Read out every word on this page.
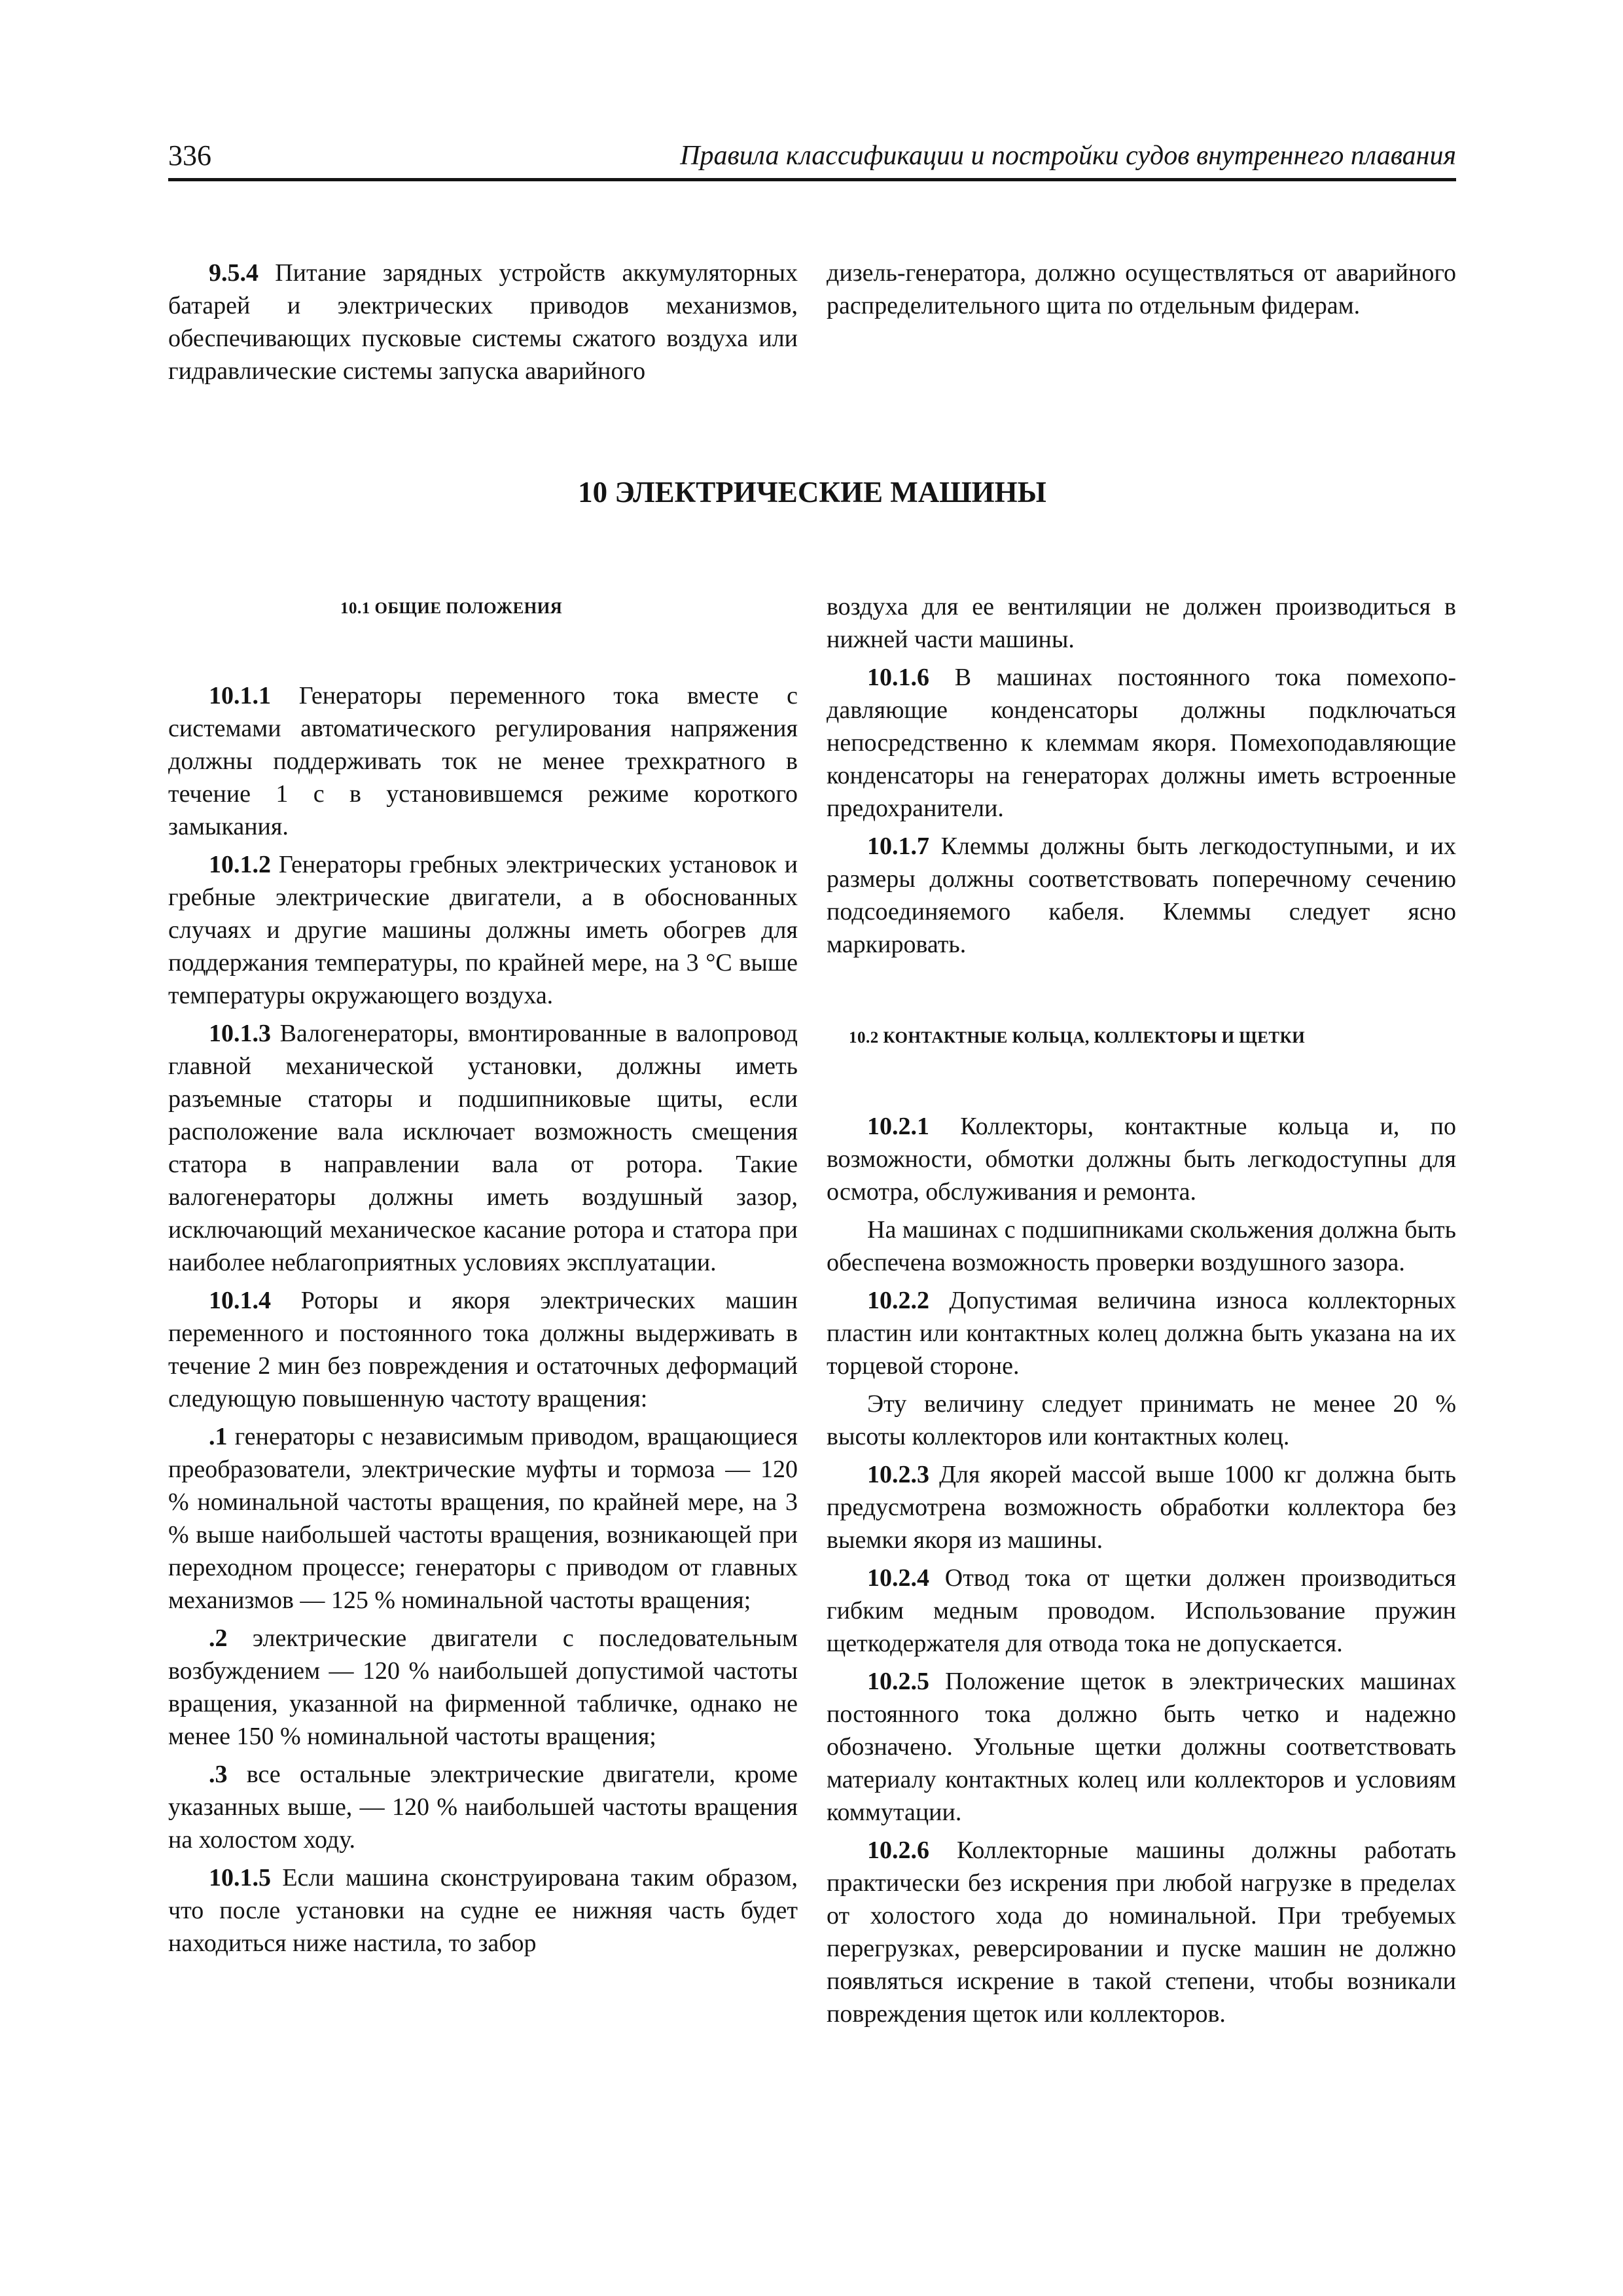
336	Правила классификации и постройки судов внутреннего плавания

9.5.4 Питание зарядных устройств аккумуляторных батарей и электрических приводов механизмов, обеспечивающих пусковые системы сжатого воздуха или гидравлические системы запуска аварийного

дизель-генератора, должно осуществляться от аварийного распределительного щита по отдельным фидерам.

10 ЭЛЕКТРИЧЕСКИЕ МАШИНЫ
10.1 ОБЩИЕ ПОЛОЖЕНИЯ

10.1.1 Генераторы переменного тока вместе с системами автоматического регулирования напряжения должны поддерживать ток не менее трехкратного в течение 1 с в установившемся режиме короткого замыкания.

10.1.2 Генераторы гребных электрических установок и гребные электрические двигатели, а в обоснованных случаях и другие машины должны иметь обогрев для поддержания температуры, по крайней мере, на 3 °С выше температуры окружающего воздуха.

10.1.3 Валогенераторы, вмонтированные в валопровод главной механической установки, должны иметь разъемные статоры и подшипниковые щиты, если расположение вала исключает возможность смещения статора в направлении вала от ротора. Такие валогенераторы должны иметь воздушный зазор, исключающий механическое касание ротора и статора при наиболее неблагоприятных условиях эксплуатации.

10.1.4 Роторы и якоря электрических машин переменного и постоянного тока должны выдерживать в течение 2 мин без повреждения и остаточных деформаций следующую повышенную частоту вращения:

.1 генераторы с независимым приводом, вращающиеся преобразователи, электрические муфты и тормоза — 120 % номинальной частоты вращения, по крайней мере, на 3 % выше наибольшей частоты вращения, возникающей при переходном процессе; генераторы с приводом от главных механизмов — 125 % номинальной частоты вращения;

.2 электрические двигатели с последовательным возбуждением — 120 % наибольшей допустимой частоты вращения, указанной на фирменной табличке, однако не менее 150 % номинальной частоты вращения;

.3 все остальные электрические двигатели, кроме указанных выше, — 120 % наибольшей частоты вращения на холостом ходу.

10.1.5 Если машина сконструирована таким образом, что после установки на судне ее нижняя часть будет находиться ниже настила, то забор

воздуха для ее вентиляции не должен производиться в нижней части машины.

10.1.6 В машинах постоянного тока помехоподавляющие конденсаторы должны подключаться непосредственно к клеммам якоря. Помехоподавляющие конденсаторы на генераторах должны иметь встроенные предохранители.

10.1.7 Клеммы должны быть легкодоступными, и их размеры должны соответствовать поперечному сечению подсоединяемого кабеля. Клеммы следует ясно маркировать.

10.2 КОНТАКТНЫЕ КОЛЬЦА, КОЛЛЕКТОРЫ И ЩЕТКИ

10.2.1 Коллекторы, контактные кольца и, по возможности, обмотки должны быть легкодоступны для осмотра, обслуживания и ремонта.

На машинах с подшипниками скольжения должна быть обеспечена возможность проверки воздушного зазора.

10.2.2 Допустимая величина износа коллекторных пластин или контактных колец должна быть указана на их торцевой стороне.

Эту величину следует принимать не менее 20 % высоты коллекторов или контактных колец.

10.2.3 Для якорей массой выше 1000 кг должна быть предусмотрена возможность обработки коллектора без выемки якоря из машины.

10.2.4 Отвод тока от щетки должен производиться гибким медным проводом. Использование пружин щеткодержателя для отвода тока не допускается.

10.2.5 Положение щеток в электрических машинах постоянного тока должно быть четко и надежно обозначено. Угольные щетки должны соответствовать материалу контактных колец или коллекторов и условиям коммутации.

10.2.6 Коллекторные машины должны работать практически без искрения при любой нагрузке в пределах от холостого хода до номинальной. При требуемых перегрузках, реверсировании и пуске машин не должно появляться искрение в такой степени, чтобы возникали повреждения щеток или коллекторов.
